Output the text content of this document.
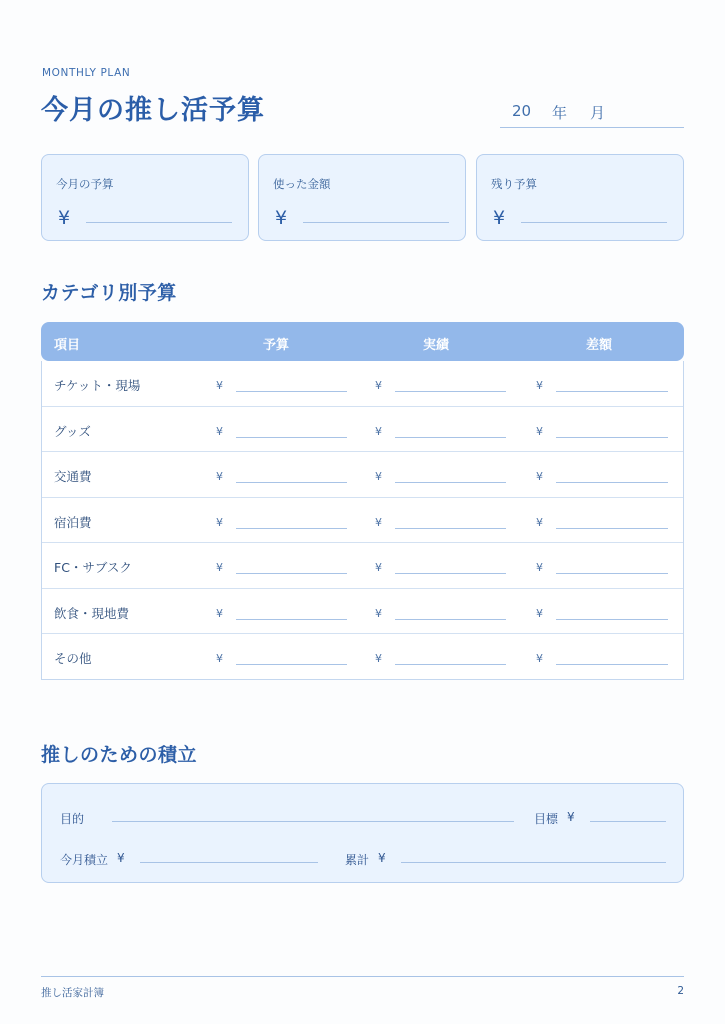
MONTHLY PLAN
今月の推し活予算	20 年 月
今月の予算
¥
使った金額
¥
残り予算
¥
カテゴリ別予算
項目	予算	実績	差額
チケット・現場	¥	¥	¥
グッズ	¥	¥	¥
交通費	¥	¥	¥
宿泊費	¥	¥	¥
FC・サブスク	¥	¥	¥
飲食・現地費	¥	¥	¥
その他	¥	¥	¥
推しのための積立
目的	目標 ¥
今月積立 ¥	累計 ¥
推し活家計簿	2
